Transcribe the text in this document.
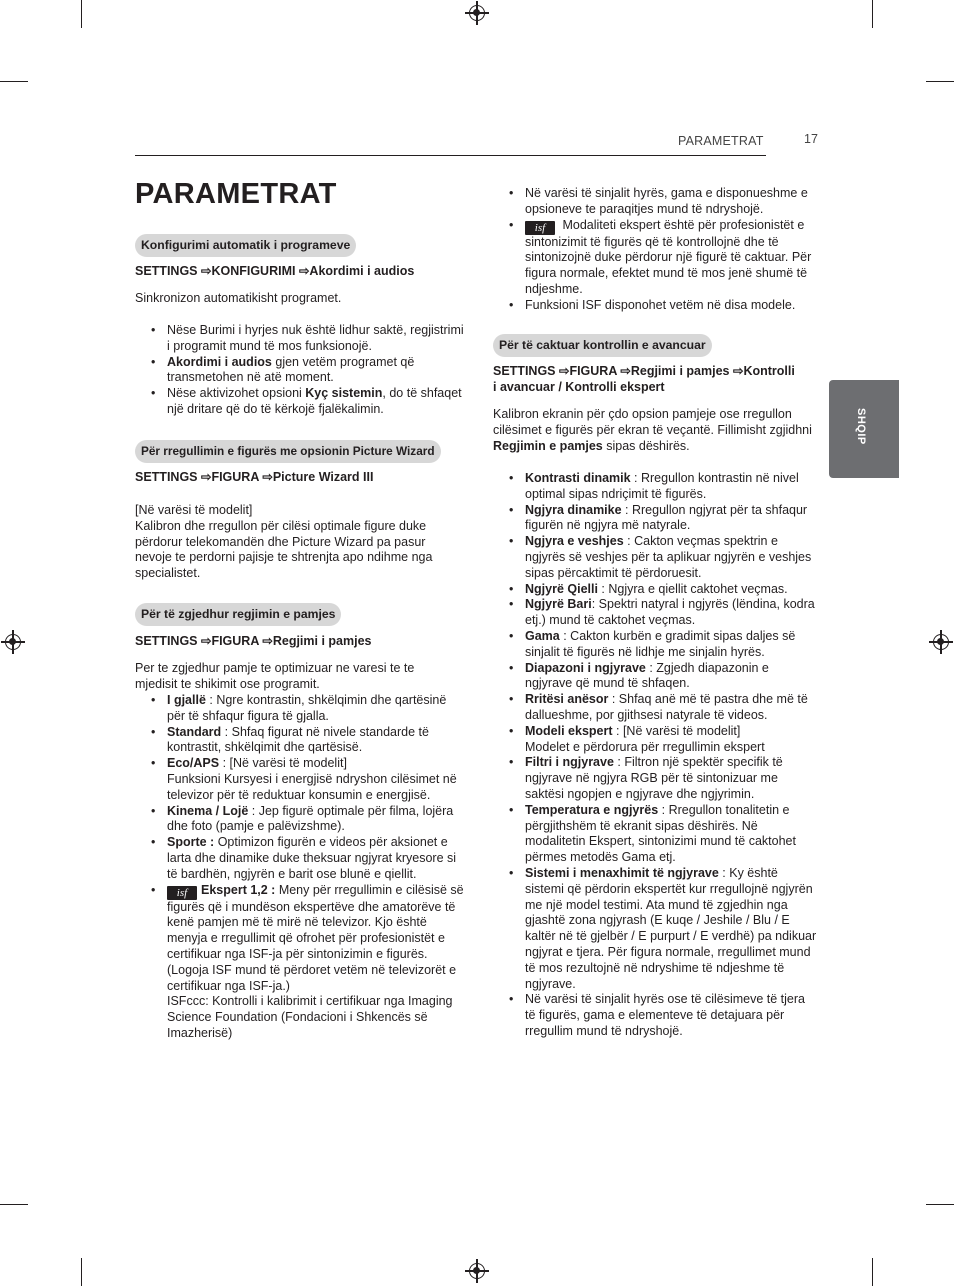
PARAMETRAT	17
PARAMETRAT
SHQIP
Konfigurimi automatik i programeve
SETTINGS ⇨KONFIGURIMI ⇨Akordimi i audios
Sinkronizon automatikisht programet.
• Nëse Burimi i hyrjes nuk është lidhur saktë, regjistrimi i programit mund të mos funksionojë.
• Akordimi i audios gjen vetëm programet që transmetohen në atë moment.
• Nëse aktivizohet opsioni Kyç sistemin, do të shfaqet një dritare që do të kërkojë fjalëkalimin.
Për rregullimin e figurës me opsionin Picture Wizard
SETTINGS ⇨FIGURA ⇨Picture Wizard III
[Në varësi të modelit]
Kalibron dhe rregullon për cilësi optimale figure duke përdorur telekomandën dhe Picture Wizard pa pasur nevoje te perdorni pajisje te shtrenjta apo ndihme nga specialistet.
Për të zgjedhur regjimin e pamjes
SETTINGS ⇨FIGURA ⇨Regjimi i pamjes
Per te zgjedhur pamje te optimizuar ne varesi te te mjedisit te shikimit ose programit.
• I gjallë : Ngre kontrastin, shkëlqimin dhe qartësinë për të shfaqur figura të gjalla.
• Standard : Shfaq figurat në nivele standarde të kontrastit, shkëlqimit dhe qartësisë.
• Eco/APS : [Në varësi të modelit]
Funksioni Kursyesi i energjisë ndryshon cilësimet në televizor për të reduktuar konsumin e energjisë.
• Kinema / Lojë : Jep figurë optimale për filma, lojëra dhe foto (pamje e palëvizshme).
• Sporte : Optimizon figurën e videos për aksionet e larta dhe dinamike duke theksuar ngjyrat kryesore si të bardhën, ngjyrën e barit ose blunë e qiellit.
• isf Ekspert 1,2 : Meny për rregullimin e cilësisë së figurës që i mundëson ekspertëve dhe amatorëve të kenë pamjen më të mirë në televizor. Kjo është menyja e rregullimit që ofrohet për profesionistët e certifikuar nga ISF-ja për sintonizimin e figurës. (Logoja ISF mund të përdoret vetëm në televizorët e certifikuar nga ISF-ja.)
ISFccc: Kontrolli i kalibrimit i certifikuar nga Imaging Science Foundation (Fondacioni i Shkencës së Imazherisë)
• Në varësi të sinjalit hyrës, gama e disponueshme e opsioneve te paraqitjes mund të ndryshojë.
• isf Modaliteti ekspert është për profesionistët e sintonizimit të figurës që të kontrollojnë dhe të sintonizojnë duke përdorur një figurë të caktuar. Për figura normale, efektet mund të mos jenë shumë të ndjeshme.
• Funksioni ISF disponohet vetëm në disa modele.
Për të caktuar kontrollin e avancuar
SETTINGS ⇨FIGURA ⇨Regjimi i pamjes ⇨Kontrolli
i avancuar / Kontrolli ekspert
Kalibron ekranin për çdo opsion pamjeje ose rregullon cilësimet e figurës për ekran të veçantë. Fillimisht zgjidhni Regjimin e pamjes sipas dëshirës.
• Kontrasti dinamik : Rregullon kontrastin në nivel optimal sipas ndriçimit të figurës.
• Ngjyra dinamike : Rregullon ngjyrat për ta shfaqur figurën në ngjyra më natyrale.
• Ngjyra e veshjes : Cakton veçmas spektrin e ngjyrës së veshjes për ta aplikuar ngjyrën e veshjes sipas përcaktimit të përdoruesit.
• Ngjyrë Qielli : Ngjyra e qiellit caktohet veçmas.
• Ngjyrë Bari: Spektri natyral i ngjyrës (lëndina, kodra etj.) mund të caktohet veçmas.
• Gama : Cakton kurbën e gradimit sipas daljes së sinjalit të figurës në lidhje me sinjalin hyrës.
• Diapazoni i ngjyrave : Zgjedh diapazonin e ngjyrave që mund të shfaqen.
• Rritësi anësor : Shfaq anë më të pastra dhe më të dallueshme, por gjithsesi natyrale të videos.
• Modeli ekspert : [Në varësi të modelit]
Modelet e përdorura për rregullimin ekspert
• Filtri i ngjyrave : Filtron një spektër specifik të ngjyrave në ngjyra RGB për të sintonizuar me saktësi ngopjen e ngjyrave dhe ngjyrimin.
• Temperatura e ngjyrës : Rregullon tonalitetin e përgjithshëm të ekranit sipas dëshirës. Në modalitetin Ekspert, sintonizimi mund të caktohet përmes metodës Gama etj.
• Sistemi i menaxhimit të ngjyrave : Ky është sistemi që përdorin ekspertët kur rregullojnë ngjyrën me një model testimi. Ata mund të zgjedhin nga gjashtë zona ngjyrash (E kuqe / Jeshile / Blu / E kaltër në të gjelbër / E purpurt / E verdhë) pa ndikuar ngjyrat e tjera. Për figura normale, rregullimet mund të mos rezultojnë në ndryshime të ndjeshme të ngjyrave.
• Në varësi të sinjalit hyrës ose të cilësimeve të tjera të figurës, gama e elementeve të detajuara për rregullim mund të ndryshojë.
